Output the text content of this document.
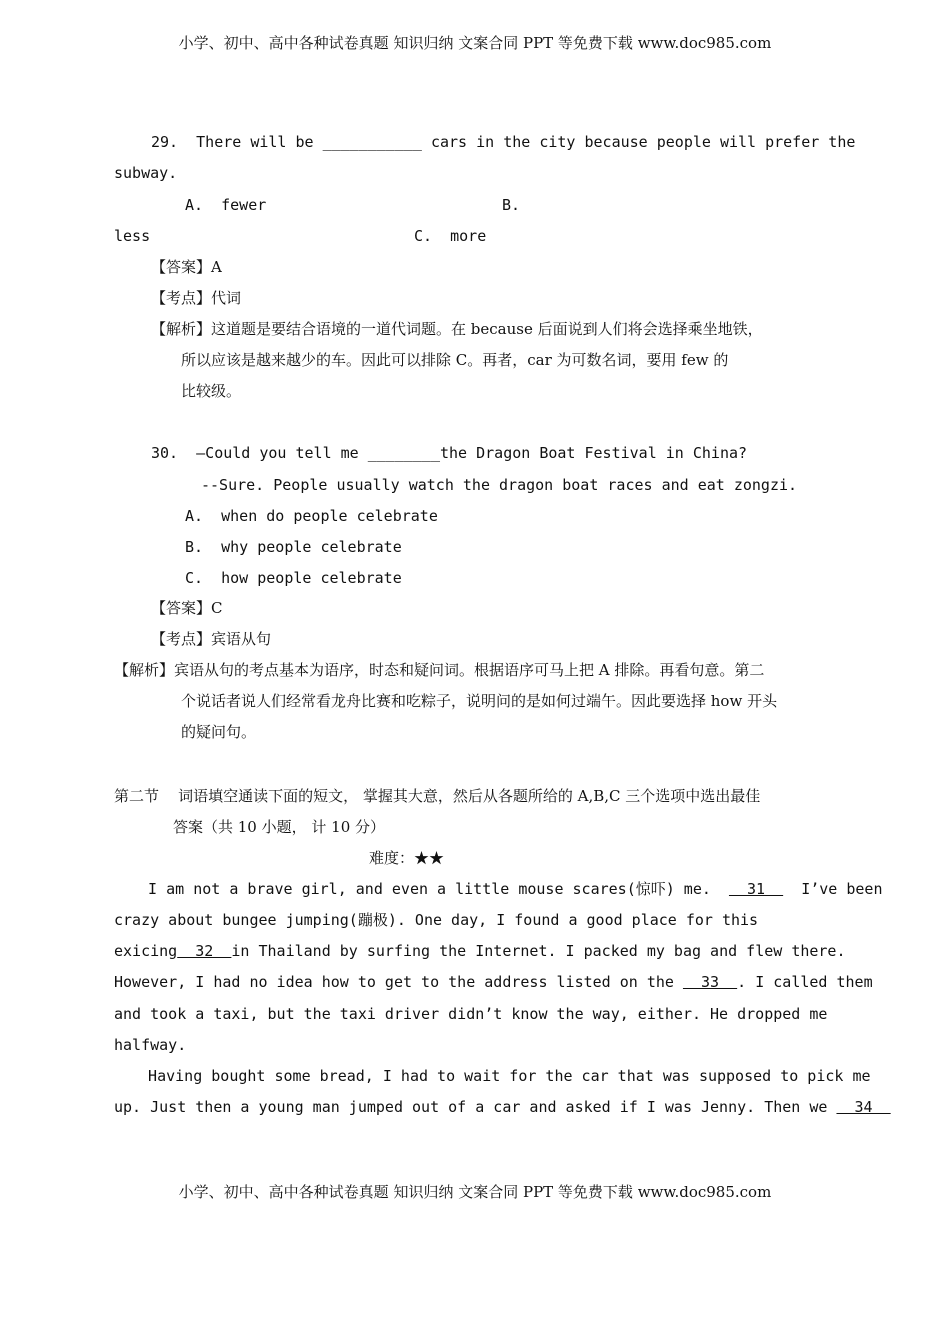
小学、初中、高中各种试卷真题 知识归纳 文案合同 PPT 等免费下载 www.doc985.com
29.  There will be ___________ cars in the city because people will prefer the
subway.
A.  fewer	B.
less	C.  more
【答案】A
【考点】代词
【解析】这道题是要结合语境的一道代词题。在 because 后面说到人们将会选择乘坐地铁，
所以应该是越来越少的车。因此可以排除 C。再者，car 为可数名词，要用 few 的
比较级。
30.  –Could you tell me ________the Dragon Boat Festival in China?
--Sure. People usually watch the dragon boat races and eat zongzi.
A.  when do people celebrate
B.  why people celebrate
C.  how people celebrate
【答案】C
【考点】宾语从句
【解析】宾语从句的考点基本为语序，时态和疑问词。根据语序可马上把 A 排除。再看句意。第二
个说话者说人们经常看龙舟比赛和吃粽子，说明问的是如何过端午。因此要选择 how 开头
的疑问句。
第二节    词语填空通读下面的短文， 掌握其大意，然后从各题所给的 A,B,C 三个选项中选出最佳
答案（共 10 小题， 计 10 分）
难度：★★
I am not a brave girl, and even a little mouse scares(惊吓) me.    31    I’ve been
crazy about bungee jumping(蹦极). One day, I found a good place for this
exicing  32  in Thailand by surfing the Internet. I packed my bag and flew there.
However, I had no idea how to get to the address listed on the   33  . I called them
and took a taxi, but the taxi driver didn’t know the way, either. He dropped me
halfway.
Having bought some bread, I had to wait for the car that was supposed to pick me
up. Just then a young man jumped out of a car and asked if I was Jenny. Then we   34
小学、初中、高中各种试卷真题 知识归纳 文案合同 PPT 等免费下载 www.doc985.com
